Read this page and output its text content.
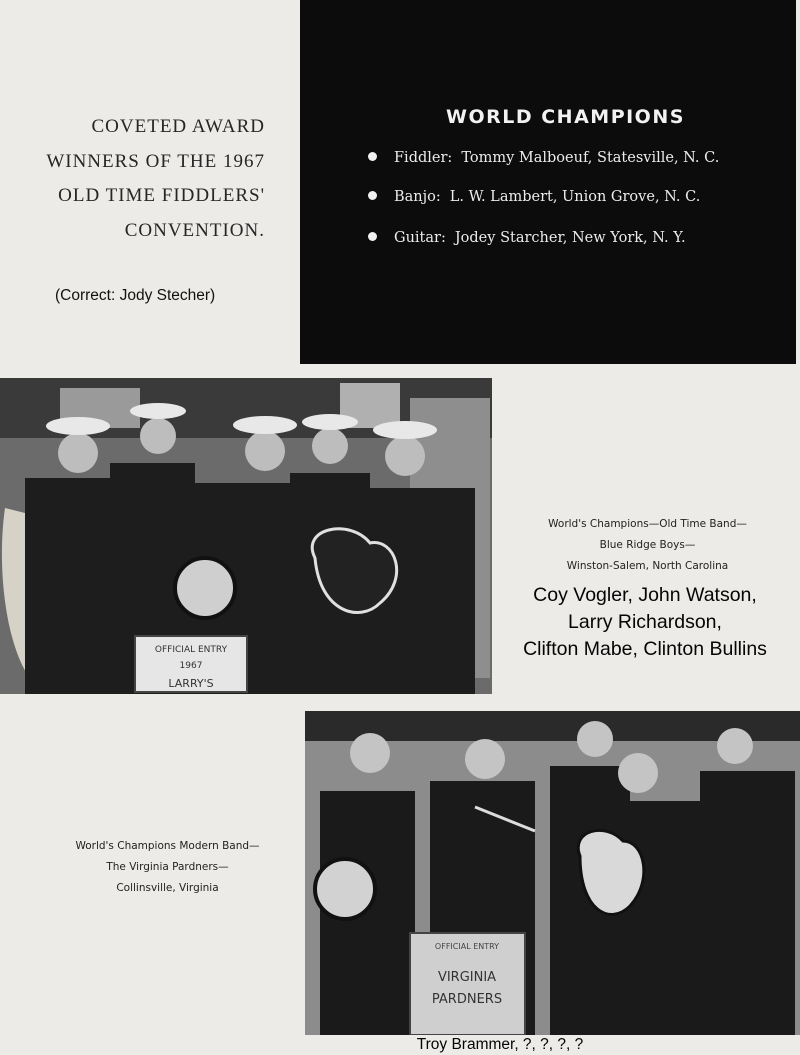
COVETED AWARD
WINNERS OF THE 1967
OLD TIME FIDDLERS'
CONVENTION.
(Correct: Jody Stecher)
WORLD CHAMPIONS
Fiddler: Tommy Malboeuf, Statesville, N. C.
Banjo: L. W. Lambert, Union Grove, N. C.
Guitar: Jodey Starcher, New York, N. Y.
OFFICIAL ENTRY
1967
LARRY'S
World's Champions—Old Time Band—
Blue Ridge Boys—
Winston-Salem, North Carolina
Coy Vogler, John Watson,
Larry Richardson,
Clifton Mabe, Clinton Bullins
OFFICIAL ENTRY
VIRGINIA
PARDNERS
World's Champions Modern Band—
The Virginia Pardners—
Collinsville, Virginia
Troy Brammer, ?, ?, ?, ?
